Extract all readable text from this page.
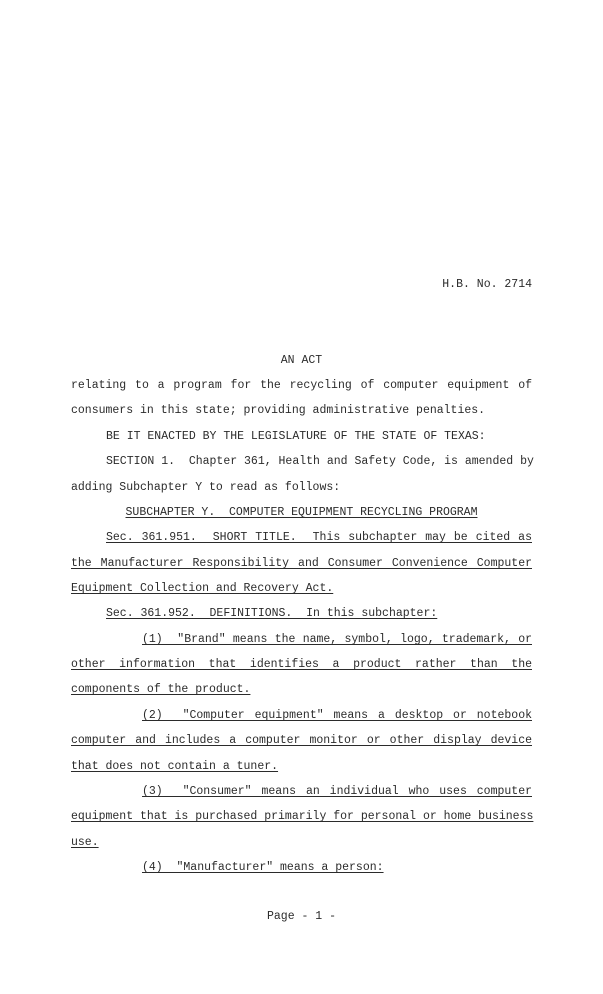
H.B. No. 2714
AN ACT
relating to a program for the recycling of computer equipment of
consumers in this state; providing administrative penalties.
BE IT ENACTED BY THE LEGISLATURE OF THE STATE OF TEXAS:
SECTION 1.  Chapter 361, Health and Safety Code, is amended by
adding Subchapter Y to read as follows:
SUBCHAPTER Y.  COMPUTER EQUIPMENT RECYCLING PROGRAM
Sec. 361.951.  SHORT TITLE.  This subchapter may be cited as
the Manufacturer Responsibility and Consumer Convenience Computer
Equipment Collection and Recovery Act.
Sec. 361.952.  DEFINITIONS.  In this subchapter:
(1)  "Brand" means the name, symbol, logo, trademark, or
other information that identifies a product rather than the
components of the product.
(2)  "Computer equipment" means a desktop or notebook
computer and includes a computer monitor or other display device
that does not contain a tuner.
(3)  "Consumer" means an individual who uses computer
equipment that is purchased primarily for personal or home business
use.
(4)  "Manufacturer" means a person:
Page - 1 -
